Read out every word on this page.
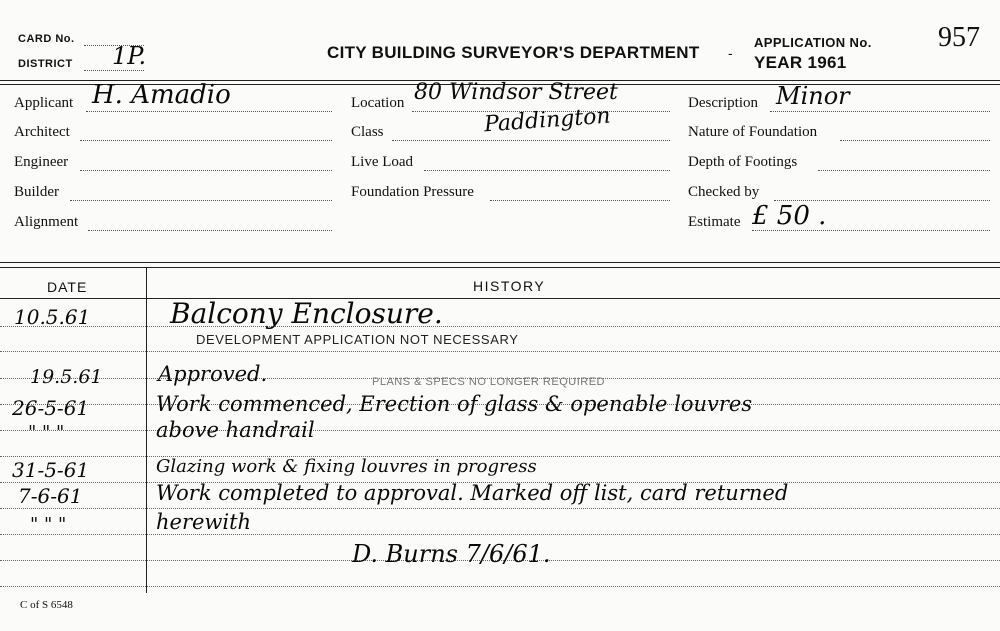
CARD No.
DISTRICT 1P.	CITY BUILDING SURVEYOR'S DEPARTMENT -
APPLICATION No. 957
YEAR 1961
Applicant H. Amadio
Architect
Engineer
Builder
Alignment
Location 80 Windsor Street
Class	Paddington
Live Load
Foundation Pressure
Description Minor
Nature of Foundation
Depth of Footings
Checked by
Estimate £ 50 .
DATE	HISTORY
10.5.61	Balcony Enclosure.
DEVELOPMENT APPLICATION NOT NECESSARY
19.5.61	Approved.	PLANS & SPECS NO LONGER REQUIRED
26-5-61	Work commenced, Erection of glass & openable louvres
" " "	above handrail
31-5-61	Glazing work & fixing louvres in progress
7-6-61	Work completed to approval. Marked off list, card returned
" " "	herewith
D. Burns 7/6/61.
C of S 6548
